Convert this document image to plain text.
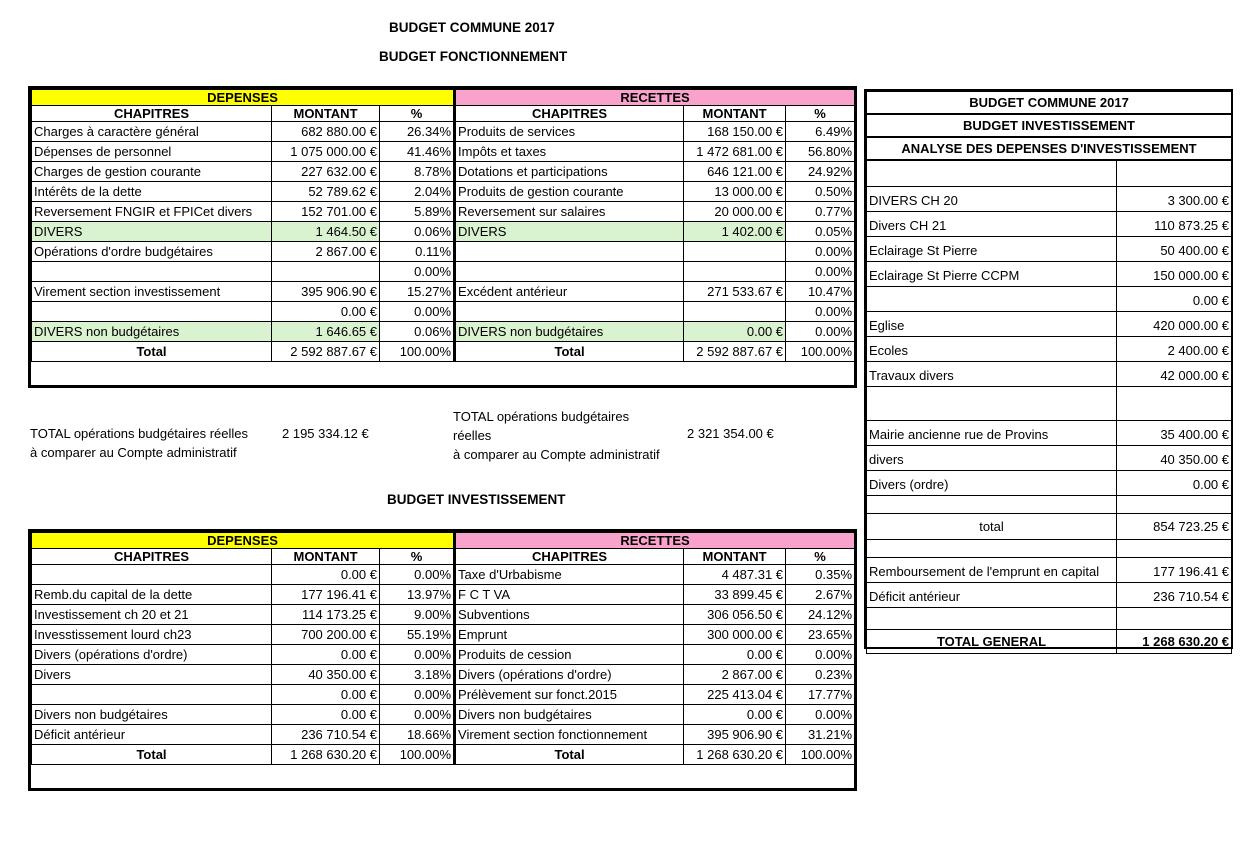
BUDGET COMMUNE 2017
BUDGET FONCTIONNEMENT
BUDGET INVESTISSEMENT
DEPENSES			RECETTES		
CHAPITRES	MONTANT	%	CHAPITRES	MONTANT	%
Charges à caractère général	682 880.00 €	26.34%	Produits de services	168 150.00 €	6.49%
Dépenses de personnel	1 075 000.00 €	41.46%	Impôts et taxes	1 472 681.00 €	56.80%
Charges de gestion courante	227 632.00 €	8.78%	Dotations et participations	646 121.00 €	24.92%
Intérêts de la dette	52 789.62 €	2.04%	Produits de gestion courante	13 000.00 €	0.50%
Reversement FNGIR et FPICet divers	152 701.00 €	5.89%	Reversement sur salaires	20 000.00 €	0.77%
DIVERS	1 464.50 €	0.06%	DIVERS	1 402.00 €	0.05%
Opérations d'ordre budgétaires	2 867.00 €	0.11%			0.00%
		0.00%			0.00%
Virement section investissement	395 906.90 €	15.27%	Excédent antérieur	271 533.67 €	10.47%
	0.00 €	0.00%			0.00%
DIVERS non budgétaires	1 646.65 €	0.06%	DIVERS non budgétaires	0.00 €	0.00%
Total	2 592 887.67 €	100.00%	Total	2 592 887.67 €	100.00%
TOTAL opérations budgétaires réelles
à comparer au Compte administratif
2 195 334.12 €
TOTAL opérations budgétaires
réelles
à comparer au Compte administratif
2 321 354.00 €
DEPENSES			RECETTES		
CHAPITRES	MONTANT	%	CHAPITRES	MONTANT	%
	0.00 €	0.00%	Taxe d'Urbabisme	4 487.31 €	0.35%
Remb.du capital de la dette	177 196.41 €	13.97%	F C T VA	33 899.45 €	2.67%
Investissement ch 20 et 21	114 173.25 €	9.00%	Subventions	306 056.50 €	24.12%
Invesstissement lourd ch23	700 200.00 €	55.19%	Emprunt	300 000.00 €	23.65%
Divers (opérations d'ordre)	0.00 €	0.00%	Produits de cession	0.00 €	0.00%
Divers	40 350.00 €	3.18%	Divers (opérations d'ordre)	2 867.00 €	0.23%
	0.00 €	0.00%	Prélèvement sur fonct.2015	225 413.04 €	17.77%
Divers non budgétaires	0.00 €	0.00%	Divers non budgétaires	0.00 €	0.00%
Déficit antérieur	236 710.54 €	18.66%	Virement section fonctionnement	395 906.90 €	31.21%
Total	1 268 630.20 €	100.00%	Total	1 268 630.20 €	100.00%
BUDGET COMMUNE 2017	
BUDGET INVESTISSEMENT	
ANALYSE DES DEPENSES D'INVESTISSEMENT	

DIVERS CH 20	3 300.00 €
Divers CH 21	110 873.25 €
Eclairage St Pierre	50 400.00 €
Eclairage St Pierre CCPM	150 000.00 €
	0.00 €
Eglise	420 000.00 €
Ecoles	2 400.00 €
Travaux divers	42 000.00 €

Mairie ancienne rue de Provins	35 400.00 €
divers	40 350.00 €
Divers (ordre)	0.00 €

total	854 723.25 €

Remboursement de l'emprunt en capital	177 196.41 €
Déficit antérieur	236 710.54 €

TOTAL GENERAL	1 268 630.20 €
